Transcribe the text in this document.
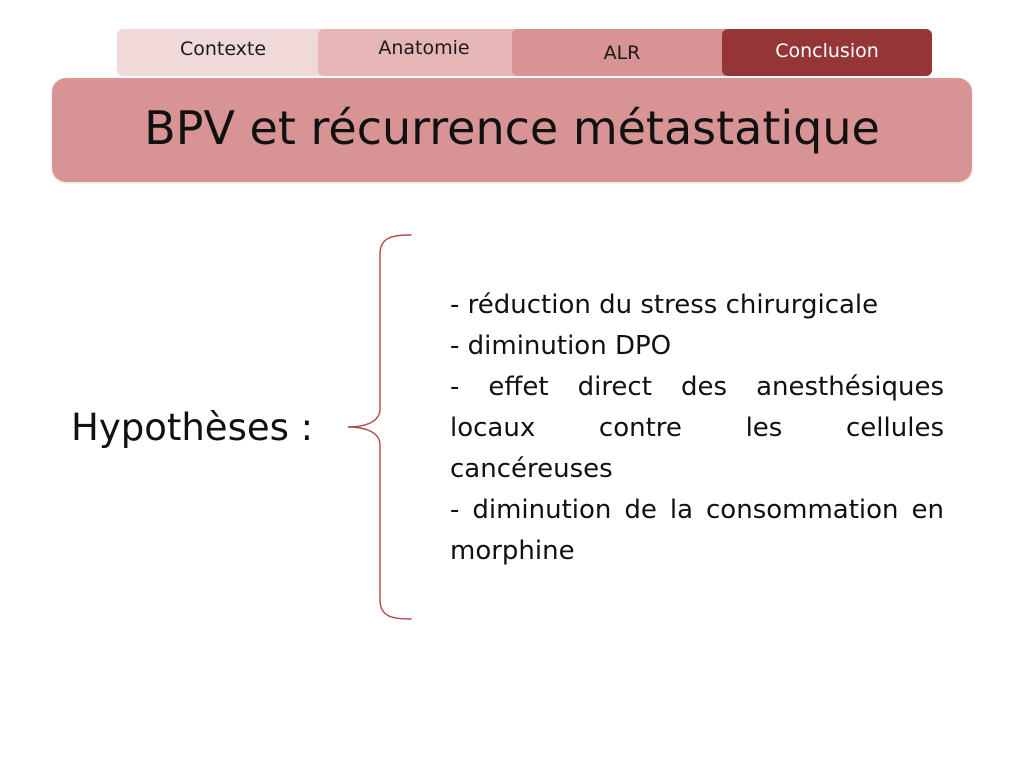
Contexte	Anatomie	ALR	Conclusion
BPV et récurrence métastatique
Hypothèses :
- réduction du stress chirurgicale
- diminution DPO
- effet direct des anesthésiques locaux contre les cellules cancéreuses
- diminution de la consommation en morphine
